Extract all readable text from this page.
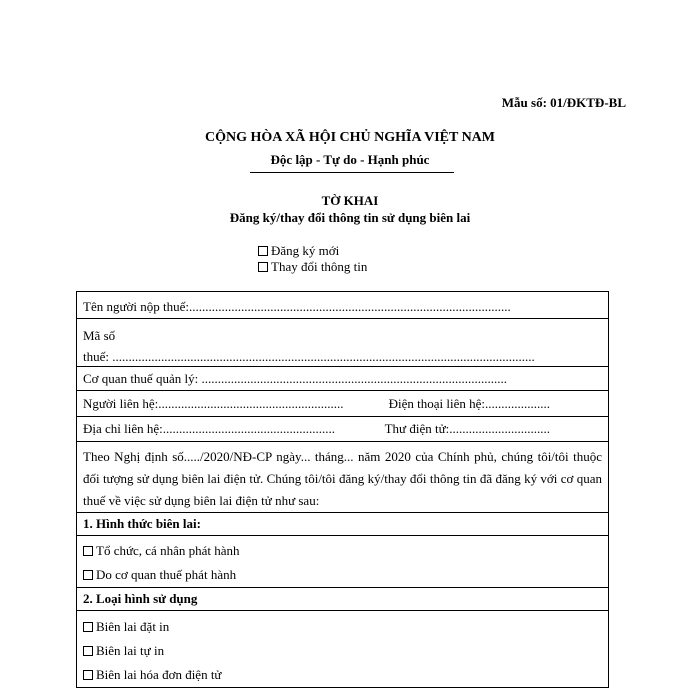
Mẫu số: 01/ĐKTĐ-BL
CỘNG HÒA XÃ HỘI CHỦ NGHĨA VIỆT NAM
Độc lập - Tự do - Hạnh phúc
TỜ KHAI
Đăng ký/thay đổi thông tin sử dụng biên lai
Đăng ký mới
Thay đổi thông tin
Tên người nộp thuế:...................................................................................................
Mã số
thuế: ..................................................................................................................................
Cơ quan thuế quản lý: ..............................................................................................
Người liên hệ:.........................................................	Điện thoại liên hệ:....................
Địa chỉ liên hệ:.....................................................	Thư điện tử:...............................
Theo Nghị định số...../2020/NĐ-CP ngày... tháng... năm 2020 của Chính phủ, chúng tôi/tôi thuộc đối tượng sử dụng biên lai điện tử. Chúng tôi/tôi đăng ký/thay đổi thông tin đã đăng ký với cơ quan thuế về việc sử dụng biên lai điện tử như sau:
1. Hình thức biên lai:
Tổ chức, cá nhân phát hành
Do cơ quan thuế phát hành
2. Loại hình sử dụng
Biên lai đặt in
Biên lai tự in
Biên lai hóa đơn điện tử
